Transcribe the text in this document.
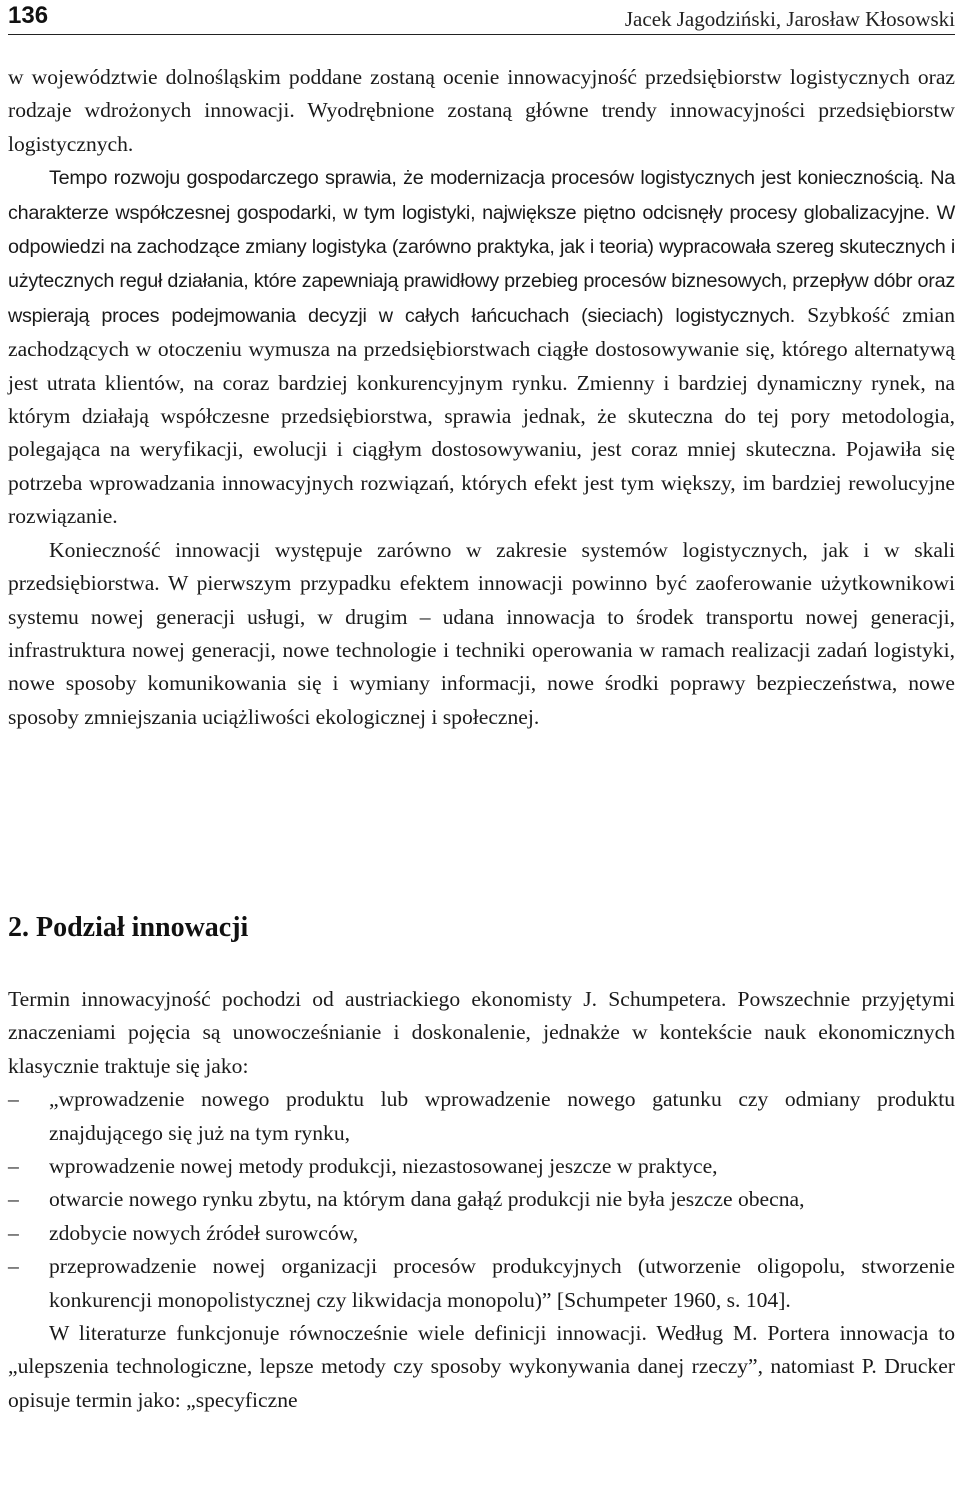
136	Jacek Jagodziński, Jarosław Kłosowski

w województwie dolnośląskim poddane zostaną ocenie innowacyjność przedsiębiorstw logistycznych oraz rodzaje wdrożonych innowacji. Wyodrębnione zostaną główne trendy innowacyjności przedsiębiorstw logistycznych.

Tempo rozwoju gospodarczego sprawia, że modernizacja procesów logistycznych jest koniecznością. Na charakterze współczesnej gospodarki, w tym logistyki, największe piętno odcisnęły procesy globalizacyjne. W odpowiedzi na zachodzące zmiany logistyka (zarówno praktyka, jak i teoria) wypracowała szereg skutecznych i użytecznych reguł działania, które zapewniają prawidłowy przebieg procesów biznesowych, przepływ dóbr oraz wspierają proces podejmowania decyzji w całych łańcuchach (sieciach) logistycznych. Szybkość zmian zachodzących w otoczeniu wymusza na przedsiębiorstwach ciągłe dostosowywanie się, którego alternatywą jest utrata klientów, na coraz bardziej konkurencyjnym rynku. Zmienny i bardziej dynamiczny rynek, na którym działają współczesne przedsiębiorstwa, sprawia jednak, że skuteczna do tej pory metodologia, polegająca na weryfikacji, ewolucji i ciągłym dostosowywaniu, jest coraz mniej skuteczna. Pojawiła się potrzeba wprowadzania innowacyjnych rozwiązań, których efekt jest tym większy, im bardziej rewolucyjne rozwiązanie.

Konieczność innowacji występuje zarówno w zakresie systemów logistycznych, jak i w skali przedsiębiorstwa. W pierwszym przypadku efektem innowacji powinno być zaoferowanie użytkownikowi systemu nowej generacji usługi, w drugim – udana innowacja to środek transportu nowej generacji, infrastruktura nowej generacji, nowe technologie i techniki operowania w ramach realizacji zadań logistyki, nowe sposoby komunikowania się i wymiany informacji, nowe środki poprawy bezpieczeństwa, nowe sposoby zmniejszania uciążliwości ekologicznej i społecznej.

2. Podział innowacji

Termin innowacyjność pochodzi od austriackiego ekonomisty J. Schumpetera. Powszechnie przyjętymi znaczeniami pojęcia są unowocześnianie i doskonalenie, jednakże w kontekście nauk ekonomicznych klasycznie traktuje się jako:

–	„wprowadzenie nowego produktu lub wprowadzenie nowego gatunku czy odmiany produktu znajdującego się już na tym rynku,
–	wprowadzenie nowej metody produkcji, niezastosowanej jeszcze w praktyce,
–	otwarcie nowego rynku zbytu, na którym dana gałąź produkcji nie była jeszcze obecna,
–	zdobycie nowych źródeł surowców,
–	przeprowadzenie nowej organizacji procesów produkcyjnych (utworzenie oligopolu, stworzenie konkurencji monopolistycznej czy likwidacja monopolu)” [Schumpeter 1960, s. 104].

W literaturze funkcjonuje równocześnie wiele definicji innowacji. Według M. Portera innowacja to „ulepszenia technologiczne, lepsze metody czy sposoby wykonywania danej rzeczy”, natomiast P. Drucker opisuje termin jako: „specyficzne
